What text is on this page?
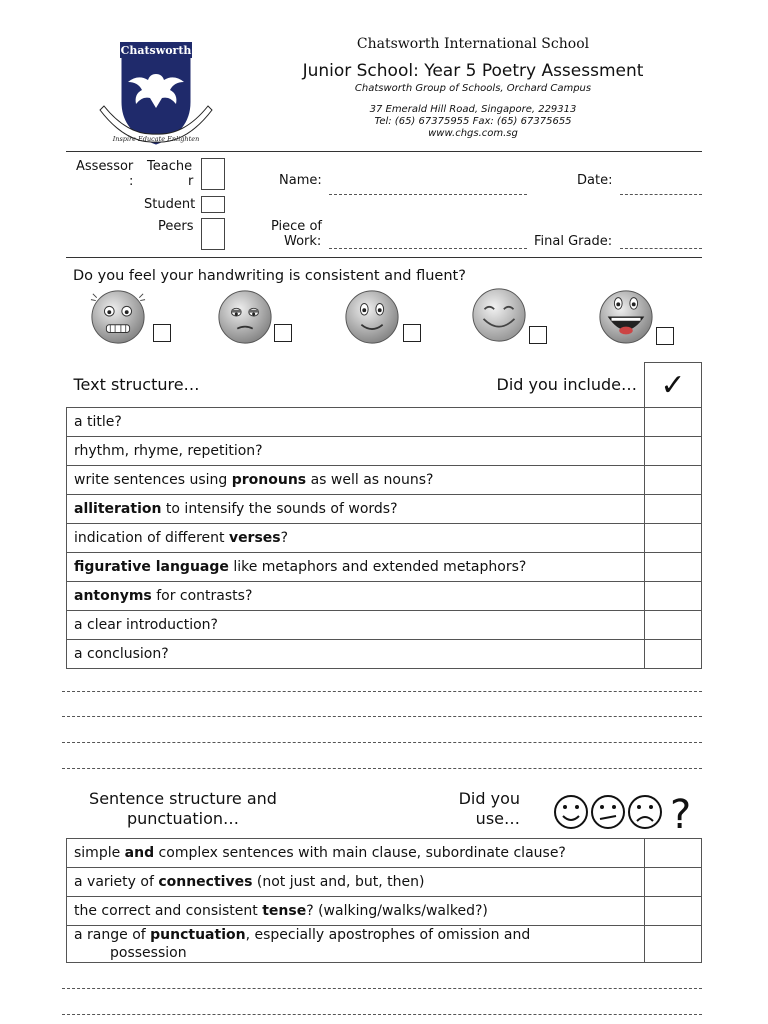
Chatsworth
Inspire Educate Enlighten
Chatsworth International School
Junior School: Year 5 Poetry Assessment
Chatsworth Group of Schools, Orchard Campus
37 Emerald Hill Road, Singapore, 229313
Tel: (65) 67375955 Fax: (65) 67375655
www.chgs.com.sg
Assessor
:
Teache
r
Student
Peers
Name:	Date:
Piece of
Work:	Final Grade:
Do you feel your handwriting is consistent and fluent?
Text structure… Did you include…	✓
a title?	
rhythm, rhyme, repetition?	
write sentences using pronouns as well as nouns?	
alliteration to intensify the sounds of words?	
indication of different verses?	
figurative language like metaphors and extended metaphors?	
antonyms for contrasts?	
a clear introduction?	
a conclusion?	
Sentence structure and
punctuation…
Did you
use…	?
simple and complex sentences with main clause, subordinate clause?	
a variety of connectives (not just and, but, then)	
the correct and consistent tense? (walking/walks/walked?)	
a range of punctuation, especially apostrophes of omission and
possession	
